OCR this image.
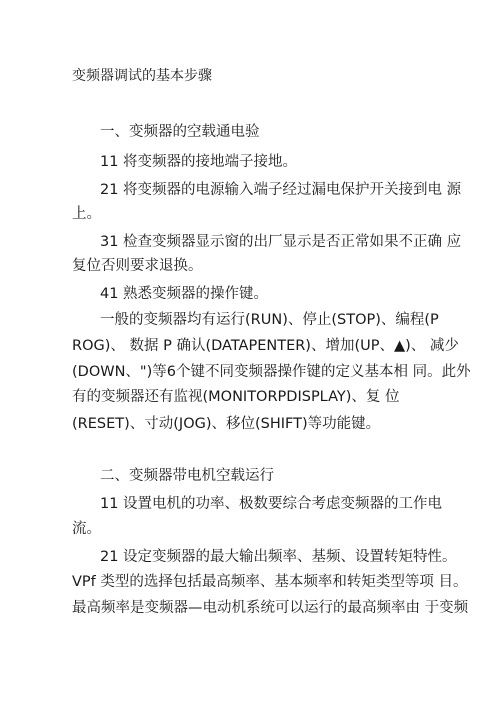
变频器调试的基本步骤
一、变频器的空载通电验
11 将变频器的接地端子接地。
21 将变频器的电源输入端子经过漏电保护开关接到电 源
上。
31 检查变频器显示窗的出厂显示是否正常如果不正确 应
复位否则要求退换。
41 熟悉变频器的操作键。
一般的变频器均有运行(RUN)、停止(STOP)、编程(P
ROG)、 数据 P 确认(DATAPENTER)、增加(UP、▲)、 减少
(DOWN、")等6个键不同变频器操作键的定义基本相 同。此外
有的变频器还有监视(MONITORPDISPLAY)、复 位
(RESET)、寸动(JOG)、移位(SHIFT)等功能键。
二、变频器带电机空载运行
11 设置电机的功率、极数要综合考虑变频器的工作电
流。
21 设定变频器的最大输出频率、基频、设置转矩特性。
VPf 类型的选择包括最高频率、基本频率和转矩类型等项 目。
最高频率是变频器—电动机系统可以运行的最高频率由 于变频
